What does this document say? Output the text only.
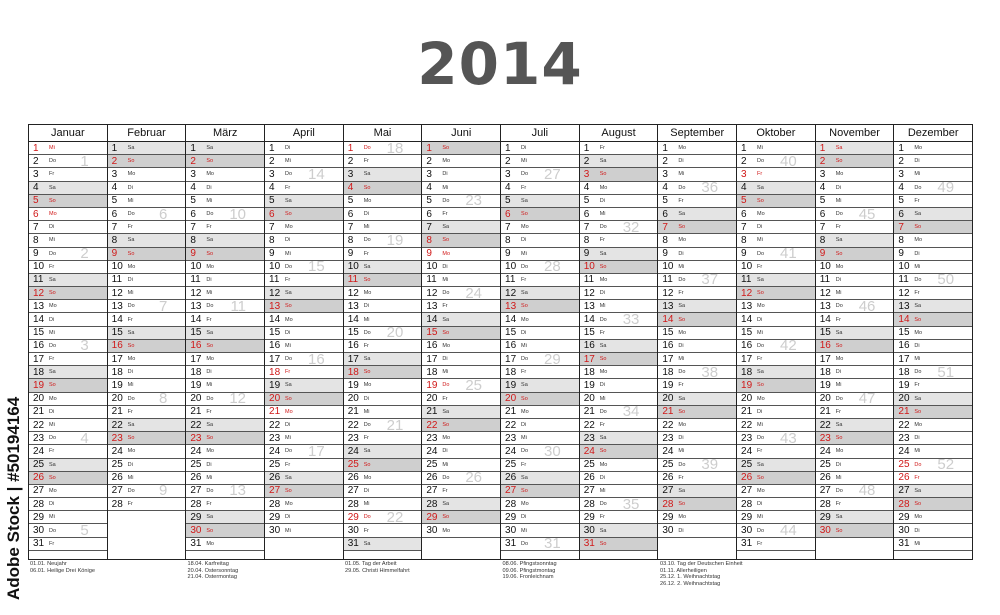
2014
Januar
1	Mi
2	Do 1
3	Fr
4	Sa
5	So
6	Mo
7	Di
8	Mi
9	Do 2
10 Fr
11	Sa
12 So
13 Mo
14 Di
15 Mi
16 Do 3
17 Fr
18 Sa
19 So
20 Mo
21 Di
22 Mi
23 Do 4
24 Fr
25 Sa
26 So
27 Mo
28 Di
29 Mi
30 Do 5
31 Fr
Februar
1	Sa
2	So
3	Mo
4	Di
5	Mi
6	Do 6
7	Fr
8	Sa
9	So
10 Mo
11	Di
12 Mi
13 Do 7
14 Fr
15 Sa
16 So
17 Mo
18 Di
19 Mi
20 Do 8
21 Fr
22 Sa
23 So
24 Mo
25 Di
26 Mi
27 Do 9
28 Fr
März
1	Sa
2	So
3	Mo
4	Di
5	Mi
6	Do 10
7	Fr
8	Sa
9	So
10 Mo
11	Di
12 Mi
13 Do 11
14 Fr
15 Sa
16 So
17 Mo
18 Di
19 Mi
20 Do 12
21 Fr
22 Sa
23 So
24 Mo
25 Di
26 Mi
27 Do 13
28 Fr
29 Sa
30 So
31 Mo
April
1	Di
2	Mi
3	Do 14
4	Fr
5	Sa
6	So
7	Mo
8	Di
9	Mi
10 Do 15
11	Fr
12 Sa
13 So
14 Mo
15 Di
16 Mi
17 Do 16
18 Fr
19 Sa
20 So
21 Mo
22 Di
23 Mi
24 Do 17
25 Fr
26 Sa
27 So
28 Mo
29 Di
30 Mi
Mai
1	Do 18
2	Fr
3	Sa
4	So
5	Mo
6	Di
7	Mi
8	Do 19
9	Fr
10 Sa
11	So
12 Mo
13 Di
14 Mi
15 Do 20
16 Fr
17 Sa
18 So
19 Mo
20 Di
21 Mi
22 Do 21
23 Fr
24 Sa
25 So
26 Mo
27 Di
28 Mi
29 Do 22
30 Fr
31 Sa
Juni
1	So
2	Mo
3	Di
4	Mi
5	Do 23
6	Fr
7	Sa
8	So
9	Mo
10 Di
11	Mi
12 Do 24
13 Fr
14 Sa
15 So
16 Mo
17 Di
18 Mi
19 Do 25
20 Fr
21 Sa
22 So
23 Mo
24 Di
25 Mi
26 Do 26
27 Fr
28 Sa
29 So
30 Mo
Juli
1	Di
2	Mi
3	Do 27
4	Fr
5	Sa
6	So
7	Mo
8	Di
9	Mi
10 Do 28
11	Fr
12 Sa
13 So
14 Mo
15 Di
16 Mi
17 Do 29
18 Fr
19 Sa
20 So
21 Mo
22 Di
23 Mi
24 Do 30
25 Fr
26 Sa
27 So
28 Mo
29 Di
30 Mi
31 Do 31
August
1	Fr
2	Sa
3	So
4	Mo
5	Di
6	Mi
7	Do 32
8	Fr
9	Sa
10 So
11	Mo
12 Di
13 Mi
14 Do 33
15 Fr
16 Sa
17 So
18 Mo
19 Di
20 Mi
21 Do 34
22 Fr
23 Sa
24 So
25 Mo
26 Di
27 Mi
28 Do 35
29 Fr
30 Sa
31 So
September
1	Mo
2	Di
3	Mi
4	Do 36
5	Fr
6	Sa
7	So
8	Mo
9	Di
10 Mi
11	Do 37
12 Fr
13 Sa
14 So
15 Mo
16 Di
17 Mi
18 Do 38
19 Fr
20 Sa
21 So
22 Mo
23 Di
24 Mi
25 Do 39
26 Fr
27 Sa
28 So
29 Mo
30 Di
Oktober
1	Mi
2	Do 40
3	Fr
4	Sa
5	So
6	Mo
7	Di
8	Mi
9	Do 41
10 Fr
11	Sa
12 So
13 Mo
14 Di
15 Mi
16 Do 42
17 Fr
18 Sa
19 So
20 Mo
21 Di
22 Mi
23 Do 43
24 Fr
25 Sa
26 So
27 Mo
28 Di
29 Mi
30 Do 44
31 Fr
November
1	Sa
2	So
3	Mo
4	Di
5	Mi
6	Do 45
7	Fr
8	Sa
9	So
10 Mo
11	Di
12 Mi
13 Do 46
14 Fr
15 Sa
16 So
17 Mo
18 Di
19 Mi
20 Do 47
21 Fr
22 Sa
23 So
24 Mo
25 Di
26 Mi
27 Do 48
28 Fr
29 Sa
30 So
Dezember
1	Mo
2	Di
3	Mi
4	Do 49
5	Fr
6	Sa
7	So
8	Mo
9	Di
10 Mi
11	Do 50
12 Fr
13 Sa
14 So
15 Mo
16 Di
17 Mi
18 Do 51
19 Fr
20 Sa
21 So
22 Mo
23 Di
24 Mi
25 Do 52
26 Fr
27 Sa
28 So
29 Mo
30 Di
31 Mi
01.01. Neujahr
06.01. Heilige Drei Könige
18.04. Karfreitag
20.04. Ostersonntag
21.04. Ostermontag
01.05. Tag der Arbeit
29.05. Christi Himmelfahrt
08.06. Pfingstsonntag
09.06. Pfingstmontag
19.06. Fronleichnam
03.10. Tag der Deutschen Einheit
01.11. Allerheiligen
25.12. 1. Weihnachtstag
26.12. 2. Weihnachtstag
Adobe Stock | #50194164
